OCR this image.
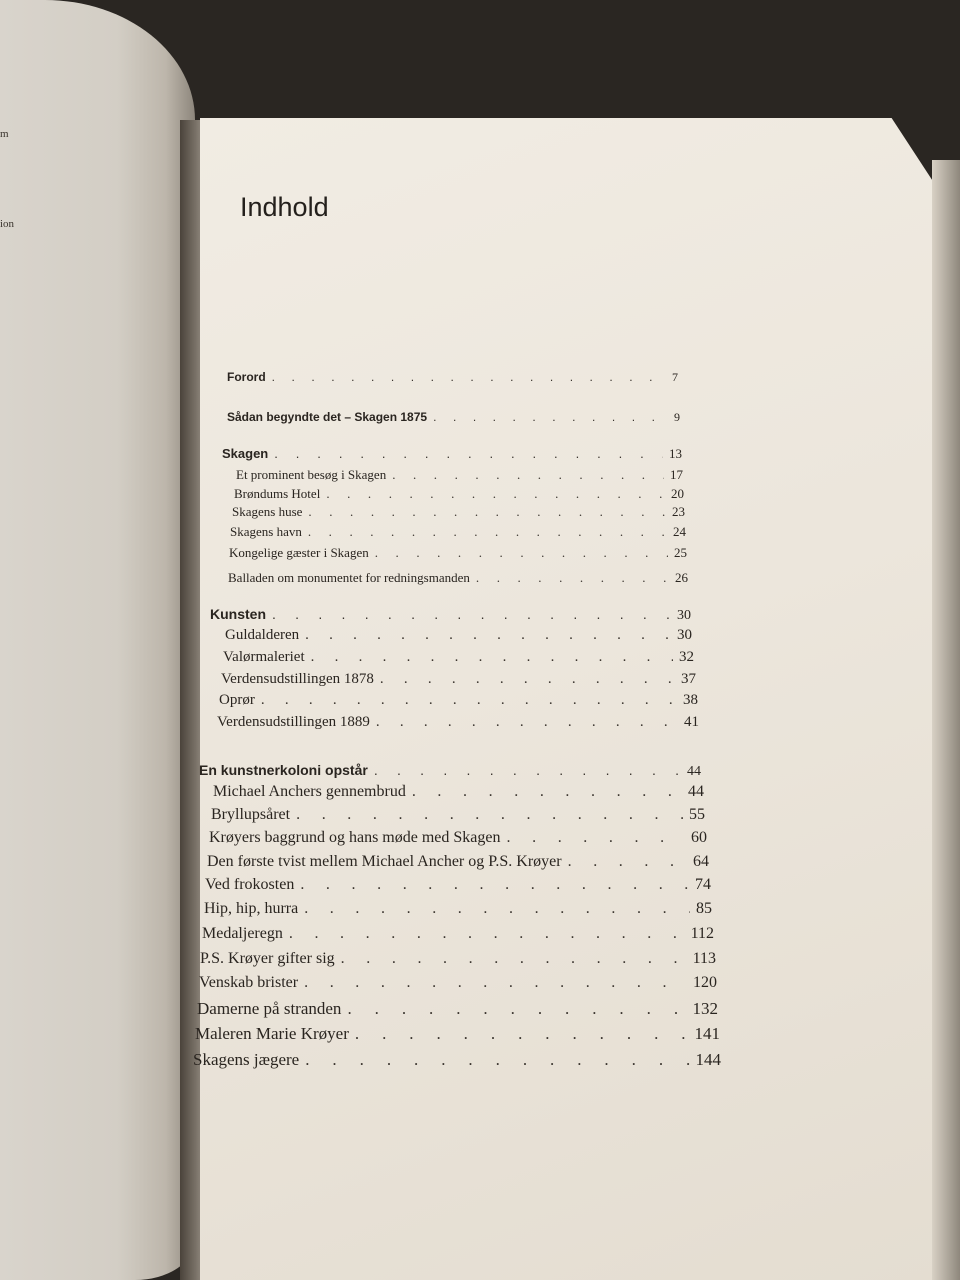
m
ion
Indhold
Forord . . .	7
Sådan begyndte det – Skagen 1875 . . .	9
Skagen . . .	13
Et prominent besøg i Skagen . . .	17
Brøndums Hotel . . .	20
Skagens huse . . .	23
Skagens havn . . .	24
Kongelige gæster i Skagen . . .	25
Balladen om monumentet for redningsmanden . . .	26
Kunsten . . .	30
Guldalderen . . .	30
Valørmaleriet . . .	32
Verdensudstillingen 1878 . . .	37
Oprør . . .	38
Verdensudstillingen 1889 . . .	41
En kunstnerkoloni opstår . . .	44
Michael Anchers gennembrud . . .	44
Bryllupsåret . . .	55
Krøyers baggrund og hans møde med Skagen . . .	60
Den første tvist mellem Michael Ancher og P.S. Krøyer . . .	64
Ved frokosten . . .	74
Hip, hip, hurra . . .	85
Medaljeregn . . .	112
P.S. Krøyer gifter sig . . .	113
Venskab brister . . .	120
Damerne på stranden . . .	132
Maleren Marie Krøyer . . .	141
Skagens jægere . . .	144
